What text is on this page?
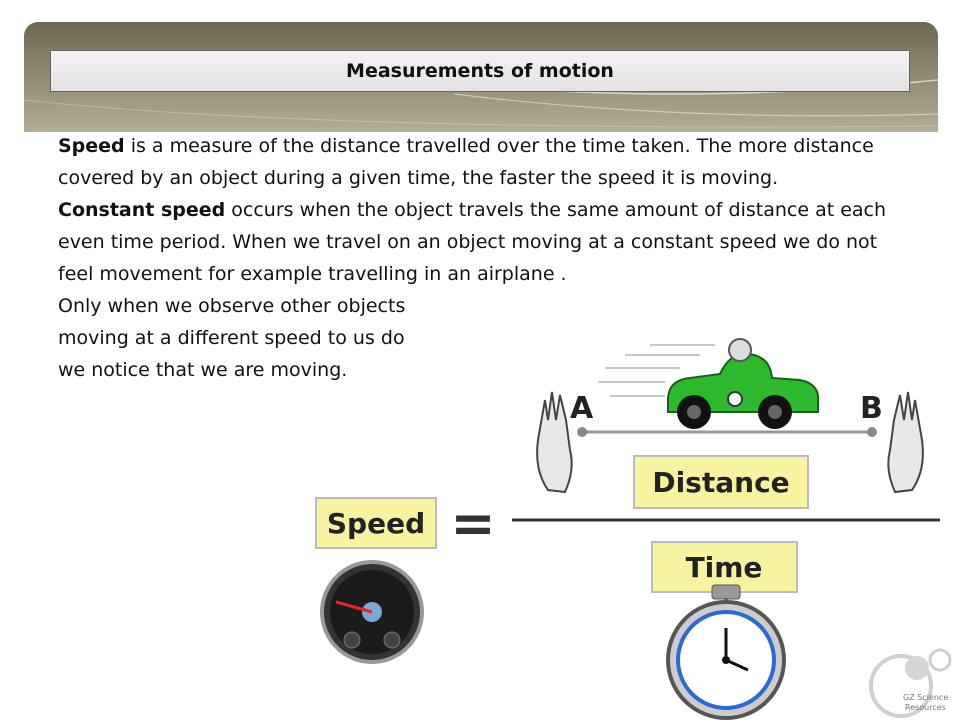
Measurements of motion

Speed is a measure of the distance travelled over the time taken. The more distance covered by an object during a given time, the faster the speed it is moving.

Constant speed occurs when the object travels the same amount of distance at each even time period. When we travel on an object moving at a constant speed we do not feel movement for example travelling in an airplane .

Only when we observe other objects

moving at a different speed to us do

we notice that we are moving.

A	B
Speed =
Distance
Time
GZ Science
Resources
